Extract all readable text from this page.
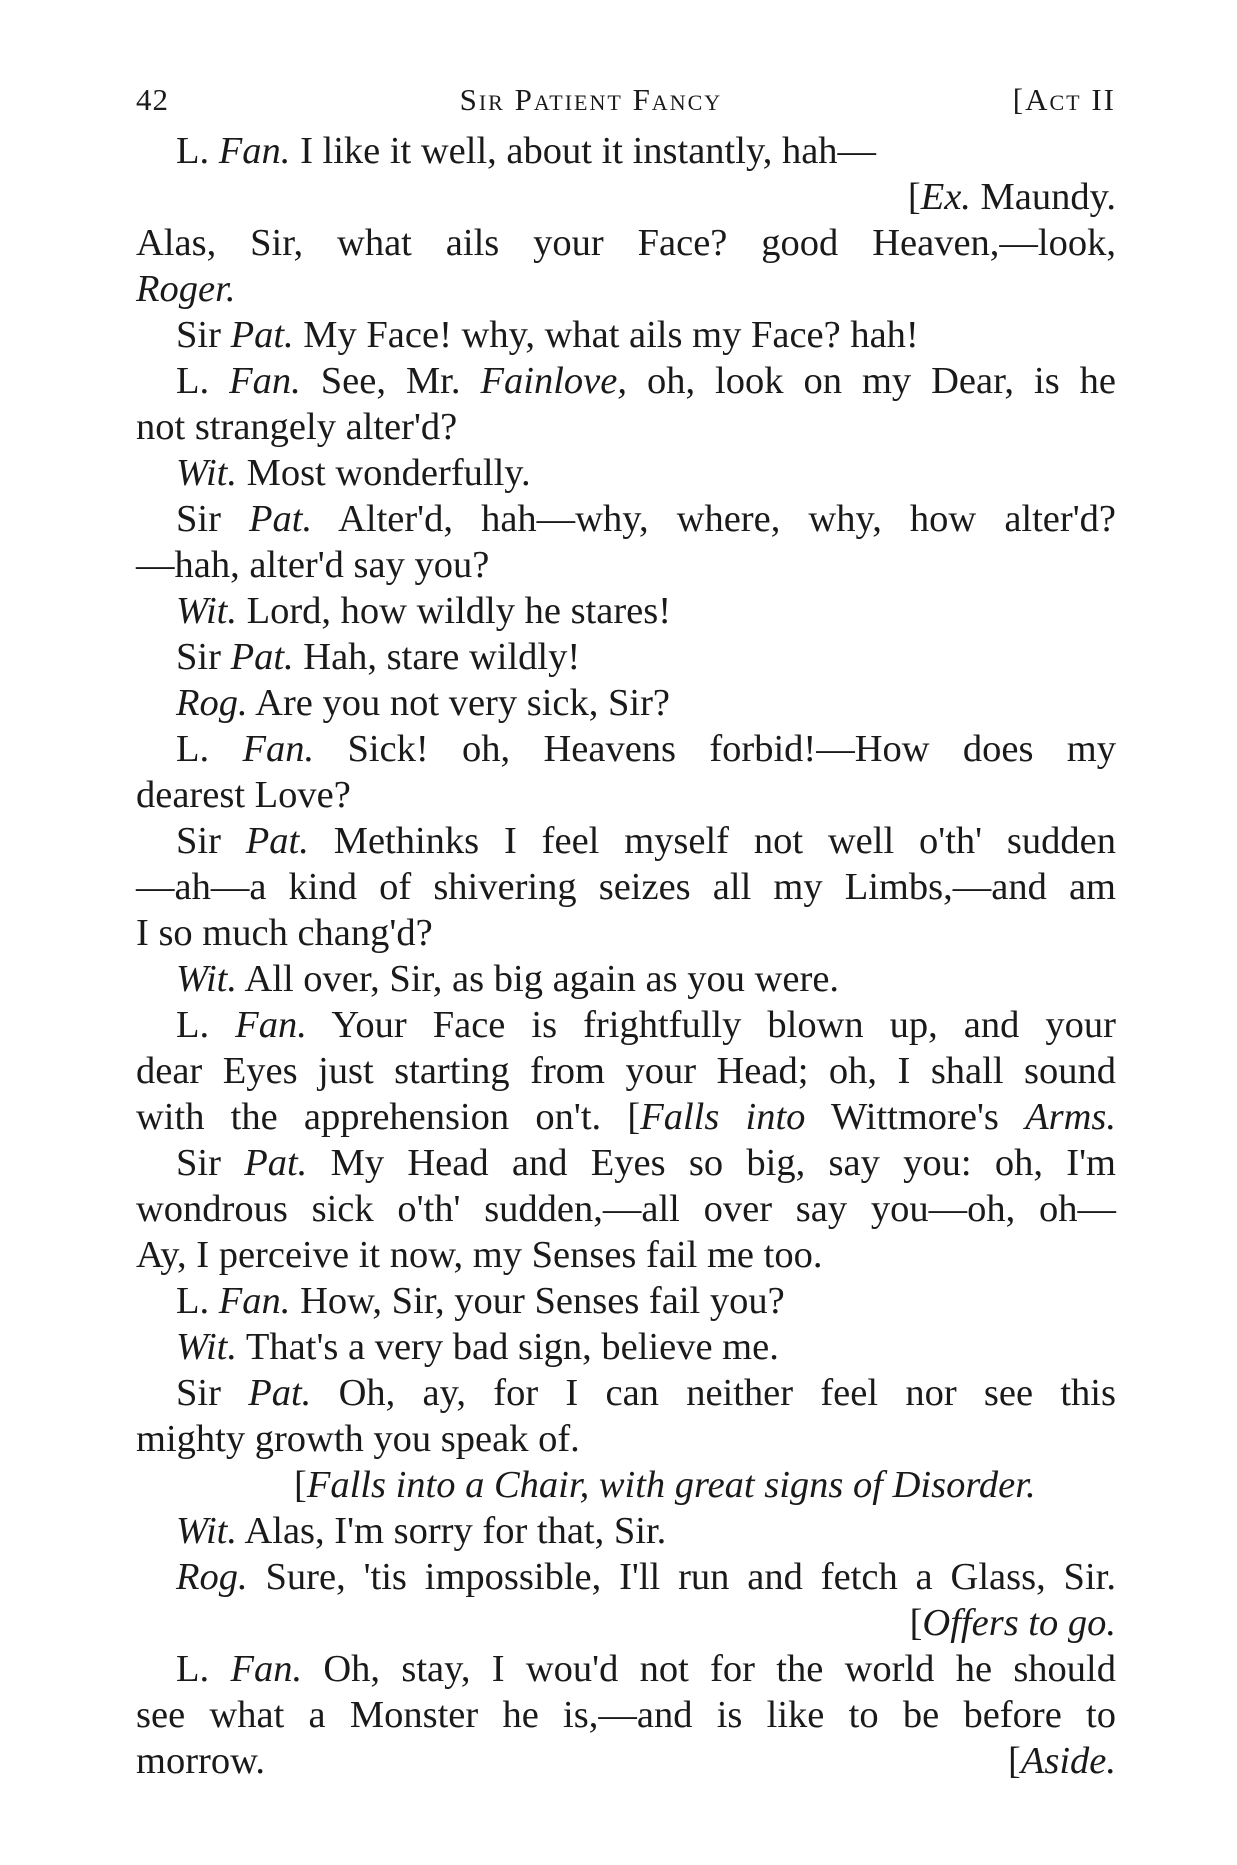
42	Sir Patient Fancy	[Act II
L. Fan. I like it well, about it instantly, hah—
[Ex. Maundy.
Alas, Sir, what ails your Face? good Heaven,—look,
Roger.
Sir Pat. My Face! why, what ails my Face? hah!
L. Fan. See, Mr. Fainlove, oh, look on my Dear, is he
not strangely alter'd?
Wit. Most wonderfully.
Sir Pat. Alter'd, hah—why, where, why, how alter'd?
—hah, alter'd say you?
Wit. Lord, how wildly he stares!
Sir Pat. Hah, stare wildly!
Rog. Are you not very sick, Sir?
L. Fan. Sick! oh, Heavens forbid!—How does my
dearest Love?
Sir Pat. Methinks I feel myself not well o'th' sudden
—ah—a kind of shivering seizes all my Limbs,—and am
I so much chang'd?
Wit. All over, Sir, as big again as you were.
L. Fan. Your Face is frightfully blown up, and your
dear Eyes just starting from your Head; oh, I shall sound
with the apprehension on't. [Falls into Wittmore's Arms.
Sir Pat. My Head and Eyes so big, say you: oh, I'm
wondrous sick o'th' sudden,—all over say you—oh, oh—
Ay, I perceive it now, my Senses fail me too.
L. Fan. How, Sir, your Senses fail you?
Wit. That's a very bad sign, believe me.
Sir Pat. Oh, ay, for I can neither feel nor see this
mighty growth you speak of.
[Falls into a Chair, with great signs of Disorder.
Wit. Alas, I'm sorry for that, Sir.
Rog. Sure, 'tis impossible, I'll run and fetch a Glass, Sir.
[Offers to go.
L. Fan. Oh, stay, I wou'd not for the world he should
see what a Monster he is,—and is like to be before to
morrow.	[Aside.
